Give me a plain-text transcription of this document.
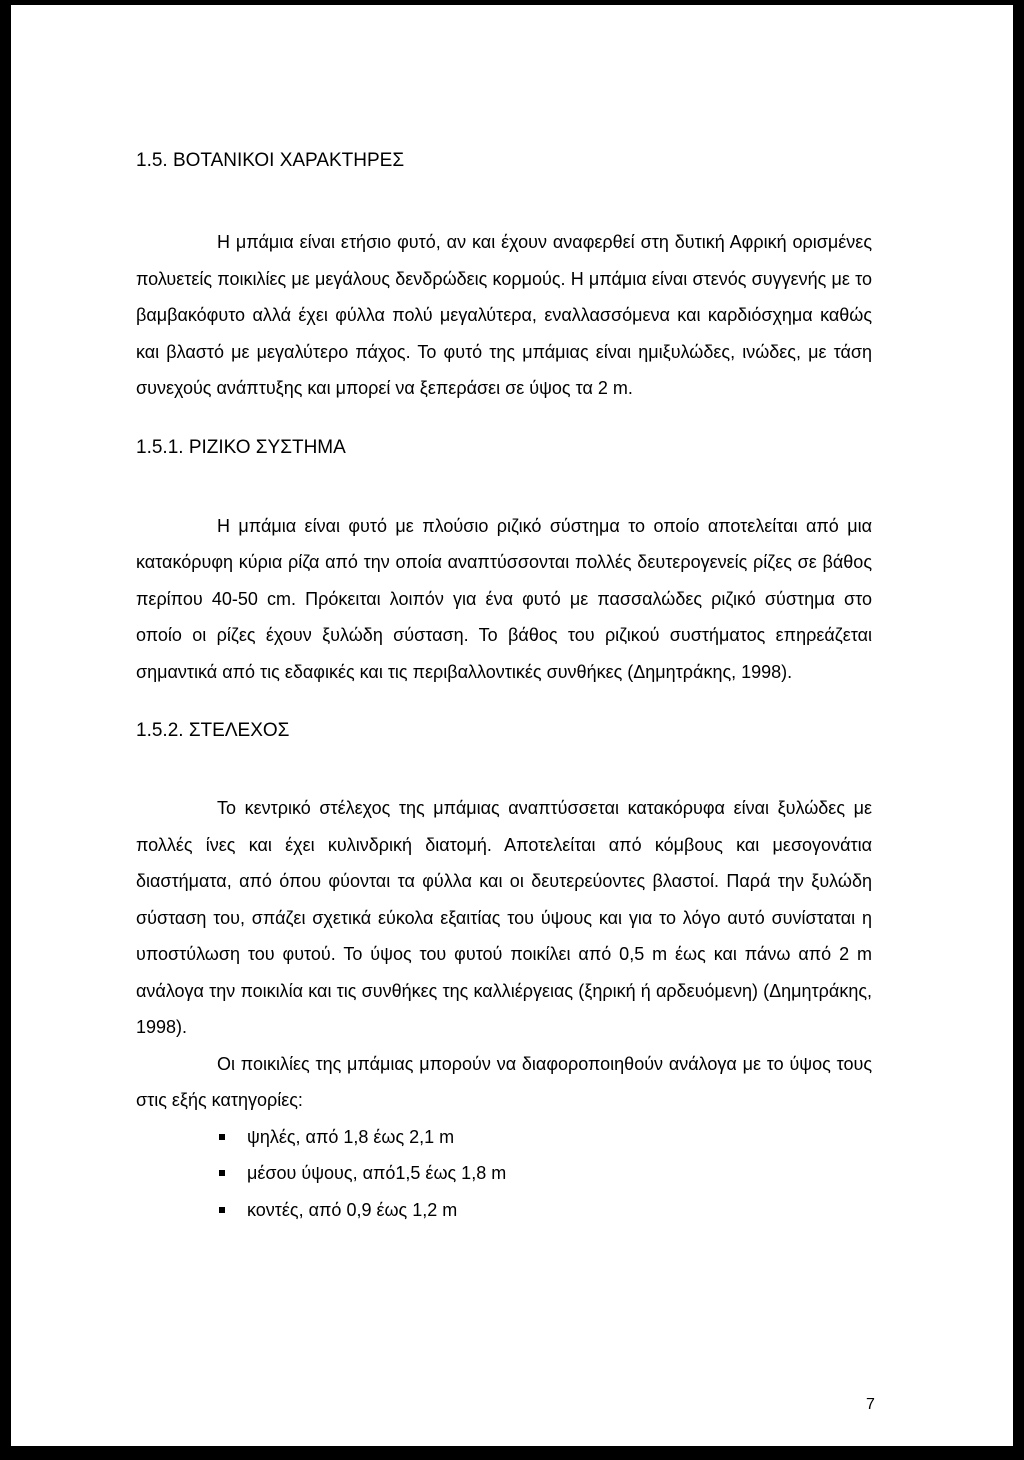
1.5. ΒΟΤΑΝΙΚΟΙ ΧΑΡΑΚΤΗΡΕΣ

Η μπάμια είναι ετήσιο φυτό, αν και έχουν αναφερθεί στη δυτική Αφρική ορισμένες πολυετείς ποικιλίες με μεγάλους δενδρώδεις κορμούς. Η μπάμια είναι στενός συγγενής με το βαμβακόφυτο αλλά έχει φύλλα πολύ μεγαλύτερα, εναλλασσόμενα και καρδιόσχημα καθώς και βλαστό με μεγαλύτερο πάχος. Το φυτό της μπάμιας είναι ημιξυλώδες, ινώδες, με τάση συνεχούς ανάπτυξης και μπορεί να ξεπεράσει σε ύψος τα 2 m.

1.5.1. ΡΙΖΙΚΟ ΣΥΣΤΗΜΑ

Η μπάμια είναι φυτό με πλούσιο ριζικό σύστημα το οποίο αποτελείται από μια κατακόρυφη κύρια ρίζα από την οποία αναπτύσσονται πολλές δευτερογενείς ρίζες σε βάθος περίπου 40-50 cm. Πρόκειται λοιπόν για ένα φυτό με πασσαλώδες ριζικό σύστημα στο οποίο οι ρίζες έχουν ξυλώδη σύσταση. Το βάθος του ριζικού συστήματος επηρεάζεται σημαντικά από τις εδαφικές και τις περιβαλλοντικές συνθήκες (Δημητράκης, 1998).

1.5.2. ΣΤΕΛΕΧΟΣ

Το κεντρικό στέλεχος της μπάμιας αναπτύσσεται κατακόρυφα είναι ξυλώδες με πολλές ίνες και έχει κυλινδρική διατομή. Αποτελείται από κόμβους και μεσογονάτια διαστήματα, από όπου φύονται τα φύλλα και οι δευτερεύοντες βλαστοί. Παρά την ξυλώδη σύσταση του, σπάζει σχετικά εύκολα εξαιτίας του ύψους και για το λόγο αυτό συνίσταται η υποστύλωση του φυτού. Το ύψος του φυτού ποικίλει από 0,5 m έως και πάνω από 2 m ανάλογα την ποικιλία και τις συνθήκες της καλλιέργειας (ξηρική ή αρδευόμενη) (Δημητράκης, 1998).

Οι ποικιλίες της μπάμιας μπορούν να διαφοροποιηθούν ανάλογα με το ύψος τους στις εξής κατηγορίες:

ψηλές, από 1,8 έως 2,1 m
μέσου ύψους, από1,5 έως 1,8 m
κοντές, από 0,9 έως 1,2 m
7
